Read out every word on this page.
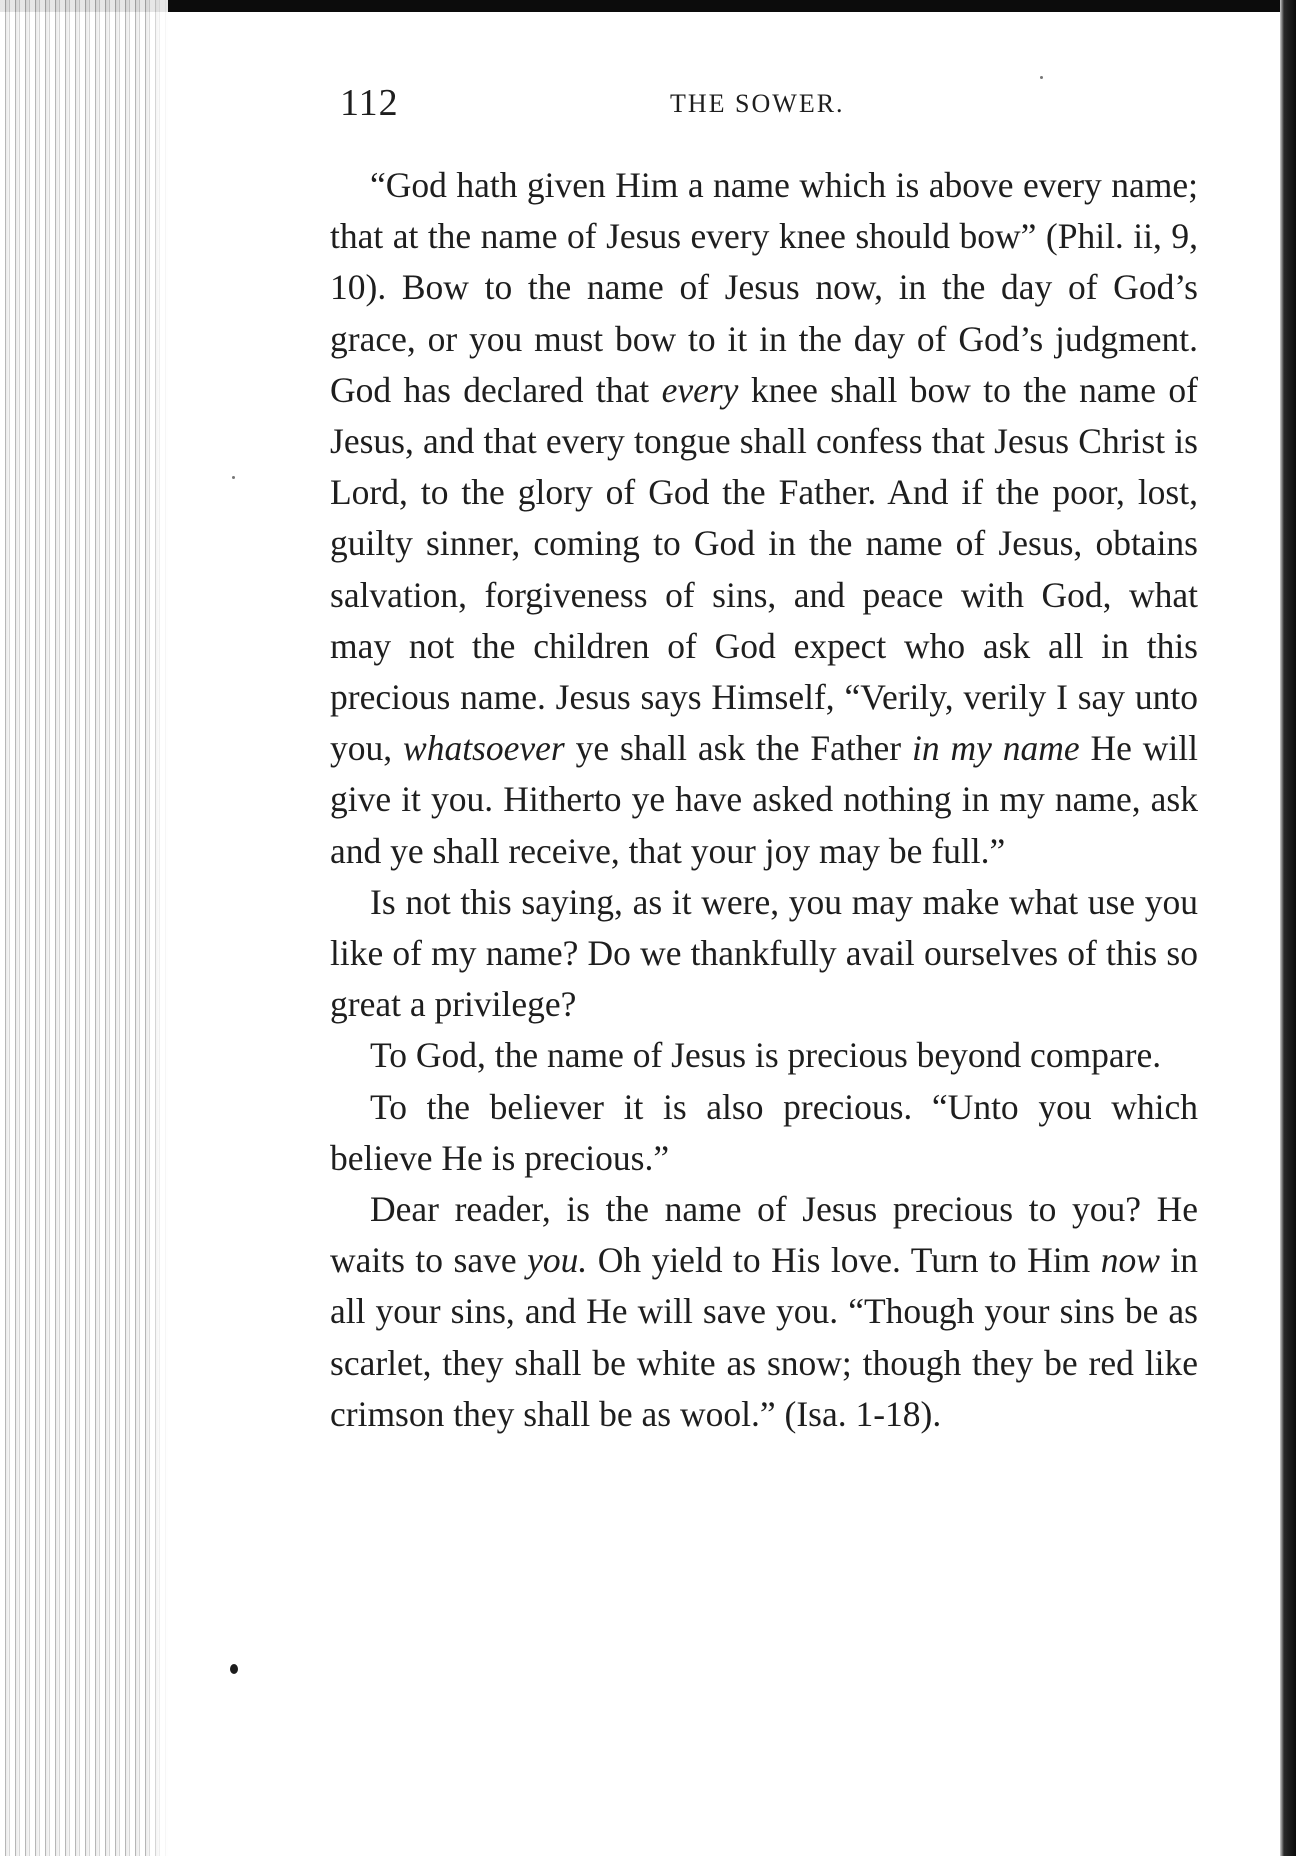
112	THE SOWER.

“God hath given Him a name which is above every name; that at the name of Jesus every knee should bow” (Phil. ii, 9, 10). Bow to the name of Jesus now, in the day of God’s grace, or you must bow to it in the day of God’s judgment. God has declared that every knee shall bow to the name of Jesus, and that every tongue shall confess that Jesus Christ is Lord, to the glory of God the Father. And if the poor, lost, guilty sinner, coming to God in the name of Jesus, obtains salvation, forgiveness of sins, and peace with God, what may not the children of God expect who ask all in this precious name. Jesus says Himself, “Verily, verily I say unto you, whatsoever ye shall ask the Father in my name He will give it you. Hitherto ye have asked nothing in my name, ask and ye shall receive, that your joy may be full.”

Is not this saying, as it were, you may make what use you like of my name? Do we thankfully avail ourselves of this so great a privilege?

To God, the name of Jesus is precious beyond compare.

To the believer it is also precious. “Unto you which believe He is precious.”

Dear reader, is the name of Jesus precious to you? He waits to save you. Oh yield to His love. Turn to Him now in all your sins, and He will save you. “Though your sins be as scarlet, they shall be white as snow; though they be red like crimson they shall be as wool.” (Isa. 1-18).
